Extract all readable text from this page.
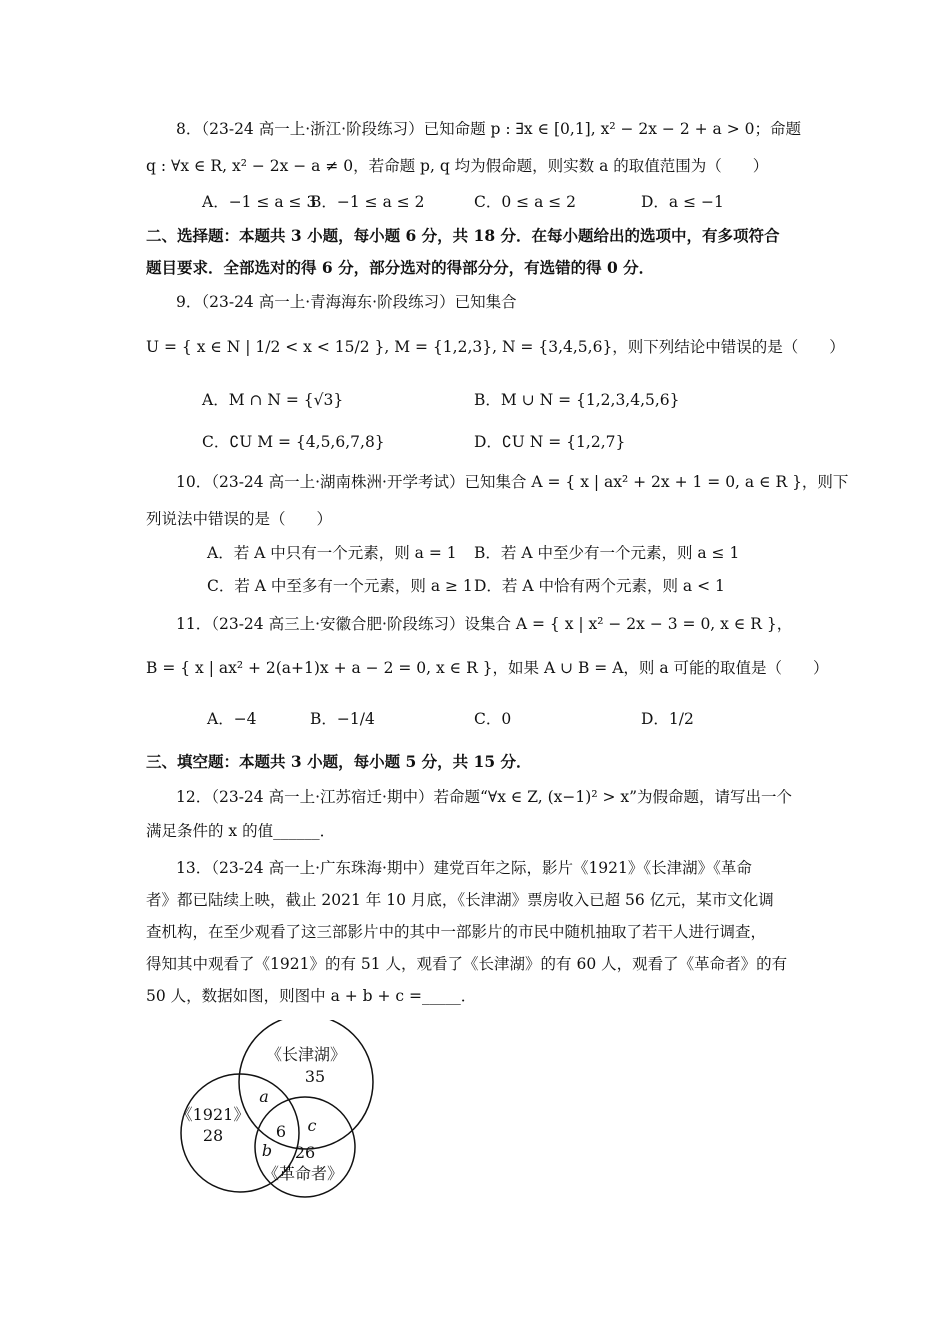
8．（23-24 高一上·浙江·阶段练习）已知命题 p : ∃x ∈ [0,1], x² − 2x − 2 + a > 0；命题
q : ∀x ∈ R, x² − 2x − a ≠ 0，若命题 p, q 均为假命题，则实数 a 的取值范围为（　　）
A．−1 ≤ a ≤ 3
B．−1 ≤ a ≤ 2	C．0 ≤ a ≤ 2	D．a ≤ −1
二、选择题：本题共 3 小题，每小题 6 分，共 18 分．在每小题给出的选项中，有多项符合
题目要求．全部选对的得 6 分，部分选对的得部分分，有选错的得 0 分．
9．（23-24 高一上·青海海东·阶段练习）已知集合
U = { x ∈ N | 1/2 < x < 15/2 }, M = {1,2,3}, N = {3,4,5,6}，则下列结论中错误的是（　　）
A．M ∩ N = {√3}	B．M ∪ N = {1,2,3,4,5,6}
C．∁U M = {4,5,6,7,8}	D．∁U N = {1,2,7}
10．（23-24 高一上·湖南株洲·开学考试）已知集合 A = { x | ax² + 2x + 1 = 0, a ∈ R }，则下
列说法中错误的是（　　）
A．若 A 中只有一个元素，则 a = 1 B．若 A 中至少有一个元素，则 a ≤ 1
C．若 A 中至多有一个元素，则 a ≥ 1 D．若 A 中恰有两个元素，则 a < 1
11．（23-24 高三上·安徽合肥·阶段练习）设集合 A = { x | x² − 2x − 3 = 0, x ∈ R }，
B = { x | ax² + 2(a+1)x + a − 2 = 0, x ∈ R }，如果 A ∪ B = A，则 a 可能的取值是（　　）
A．−4	B．−1/4	C．0	D．1/2
三、填空题：本题共 3 小题，每小题 5 分，共 15 分．
12．（23-24 高一上·江苏宿迁·期中）若命题“∀x ∈ Z, (x−1)² > x”为假命题，请写出一个
满足条件的 x 的值______．
13．（23-24 高一上·广东珠海·期中）建党百年之际，影片《1921》《长津湖》《革命
者》都已陆续上映，截止 2021 年 10 月底，《长津湖》票房收入已超 56 亿元，某市文化调
查机构，在至少观看了这三部影片中的其中一部影片的市民中随机抽取了若干人进行调查，
得知其中观看了《1921》的有 51 人，观看了《长津湖》的有 60 人，观看了《革命者》的有
50 人，数据如图，则图中 a + b + c =_____．
《长津湖》
35
《1921》
28
a
6 c
b 26
《革命者》
